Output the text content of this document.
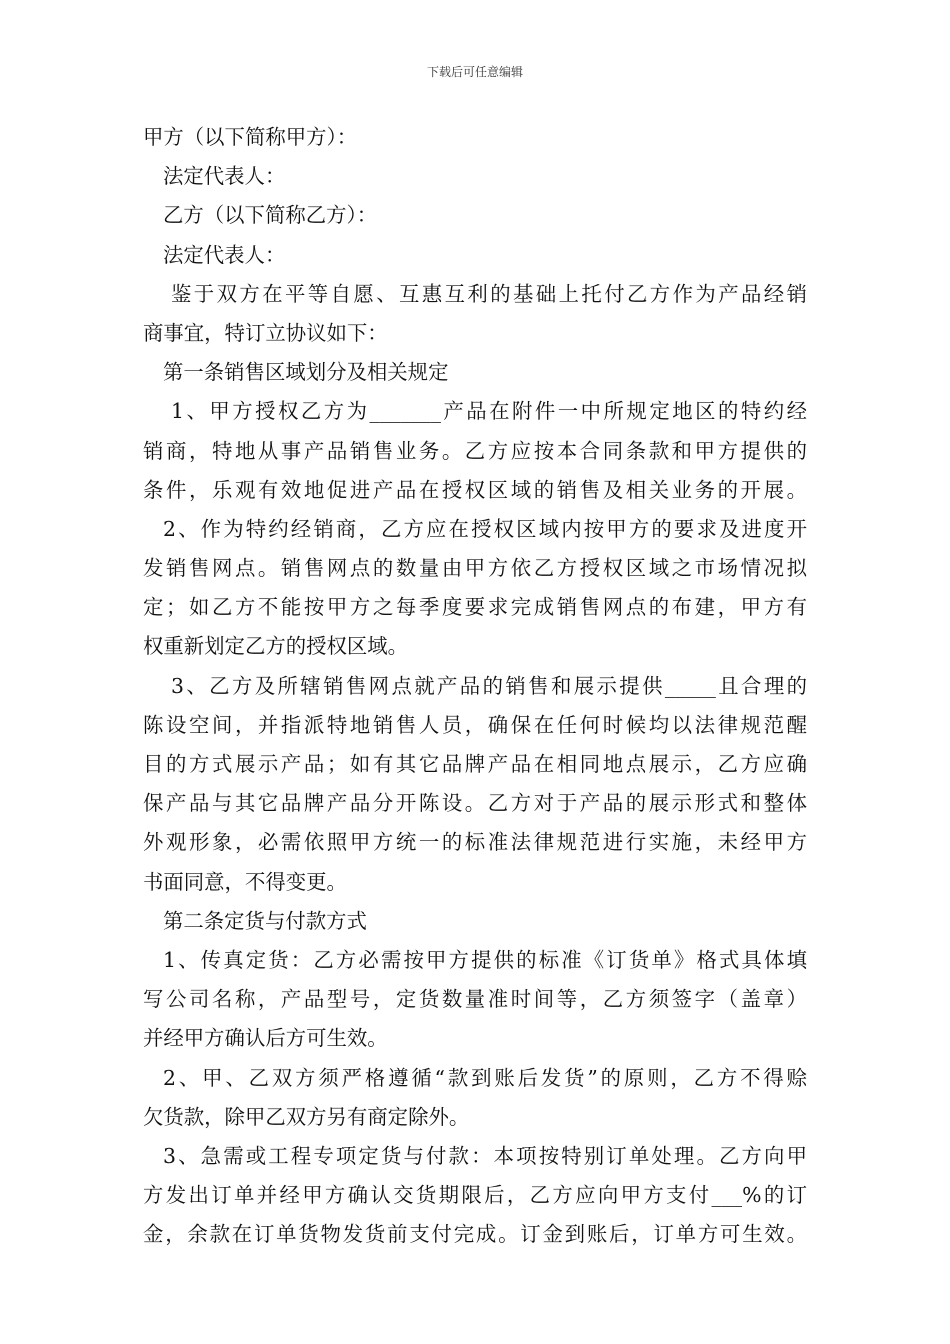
下载后可任意编辑
甲方（以下简称甲方）：
法定代表人：
乙方（以下简称乙方）：
法定代表人：
鉴于双方在平等自愿、互惠互利的基础上托付乙方作为产品经销
商事宜，特订立协议如下：
第一条销售区域划分及相关规定
1、甲方授权乙方为_______产品在附件一中所规定地区的特约经
销商，特地从事产品销售业务。乙方应按本合同条款和甲方提供的
条件，乐观有效地促进产品在授权区域的销售及相关业务的开展。
2、作为特约经销商，乙方应在授权区域内按甲方的要求及进度开
发销售网点。销售网点的数量由甲方依乙方授权区域之市场情况拟
定；如乙方不能按甲方之每季度要求完成销售网点的布建，甲方有
权重新划定乙方的授权区域。
3、乙方及所辖销售网点就产品的销售和展示提供_____且合理的
陈设空间，并指派特地销售人员，确保在任何时候均以法律规范醒
目的方式展示产品；如有其它品牌产品在相同地点展示，乙方应确
保产品与其它品牌产品分开陈设。乙方对于产品的展示形式和整体
外观形象，必需依照甲方统一的标准法律规范进行实施，未经甲方
书面同意，不得变更。
第二条定货与付款方式
1、传真定货：乙方必需按甲方提供的标准《订货单》格式具体填
写公司名称，产品型号，定货数量准时间等，乙方须签字（盖章）
并经甲方确认后方可生效。
2、甲、乙双方须严格遵循“款到账后发货”的原则，乙方不得赊
欠货款，除甲乙双方另有商定除外。
3、急需或工程专项定货与付款：本项按特别订单处理。乙方向甲
方发出订单并经甲方确认交货期限后，乙方应向甲方支付___%的订
金，余款在订单货物发货前支付完成。订金到账后，订单方可生效。
